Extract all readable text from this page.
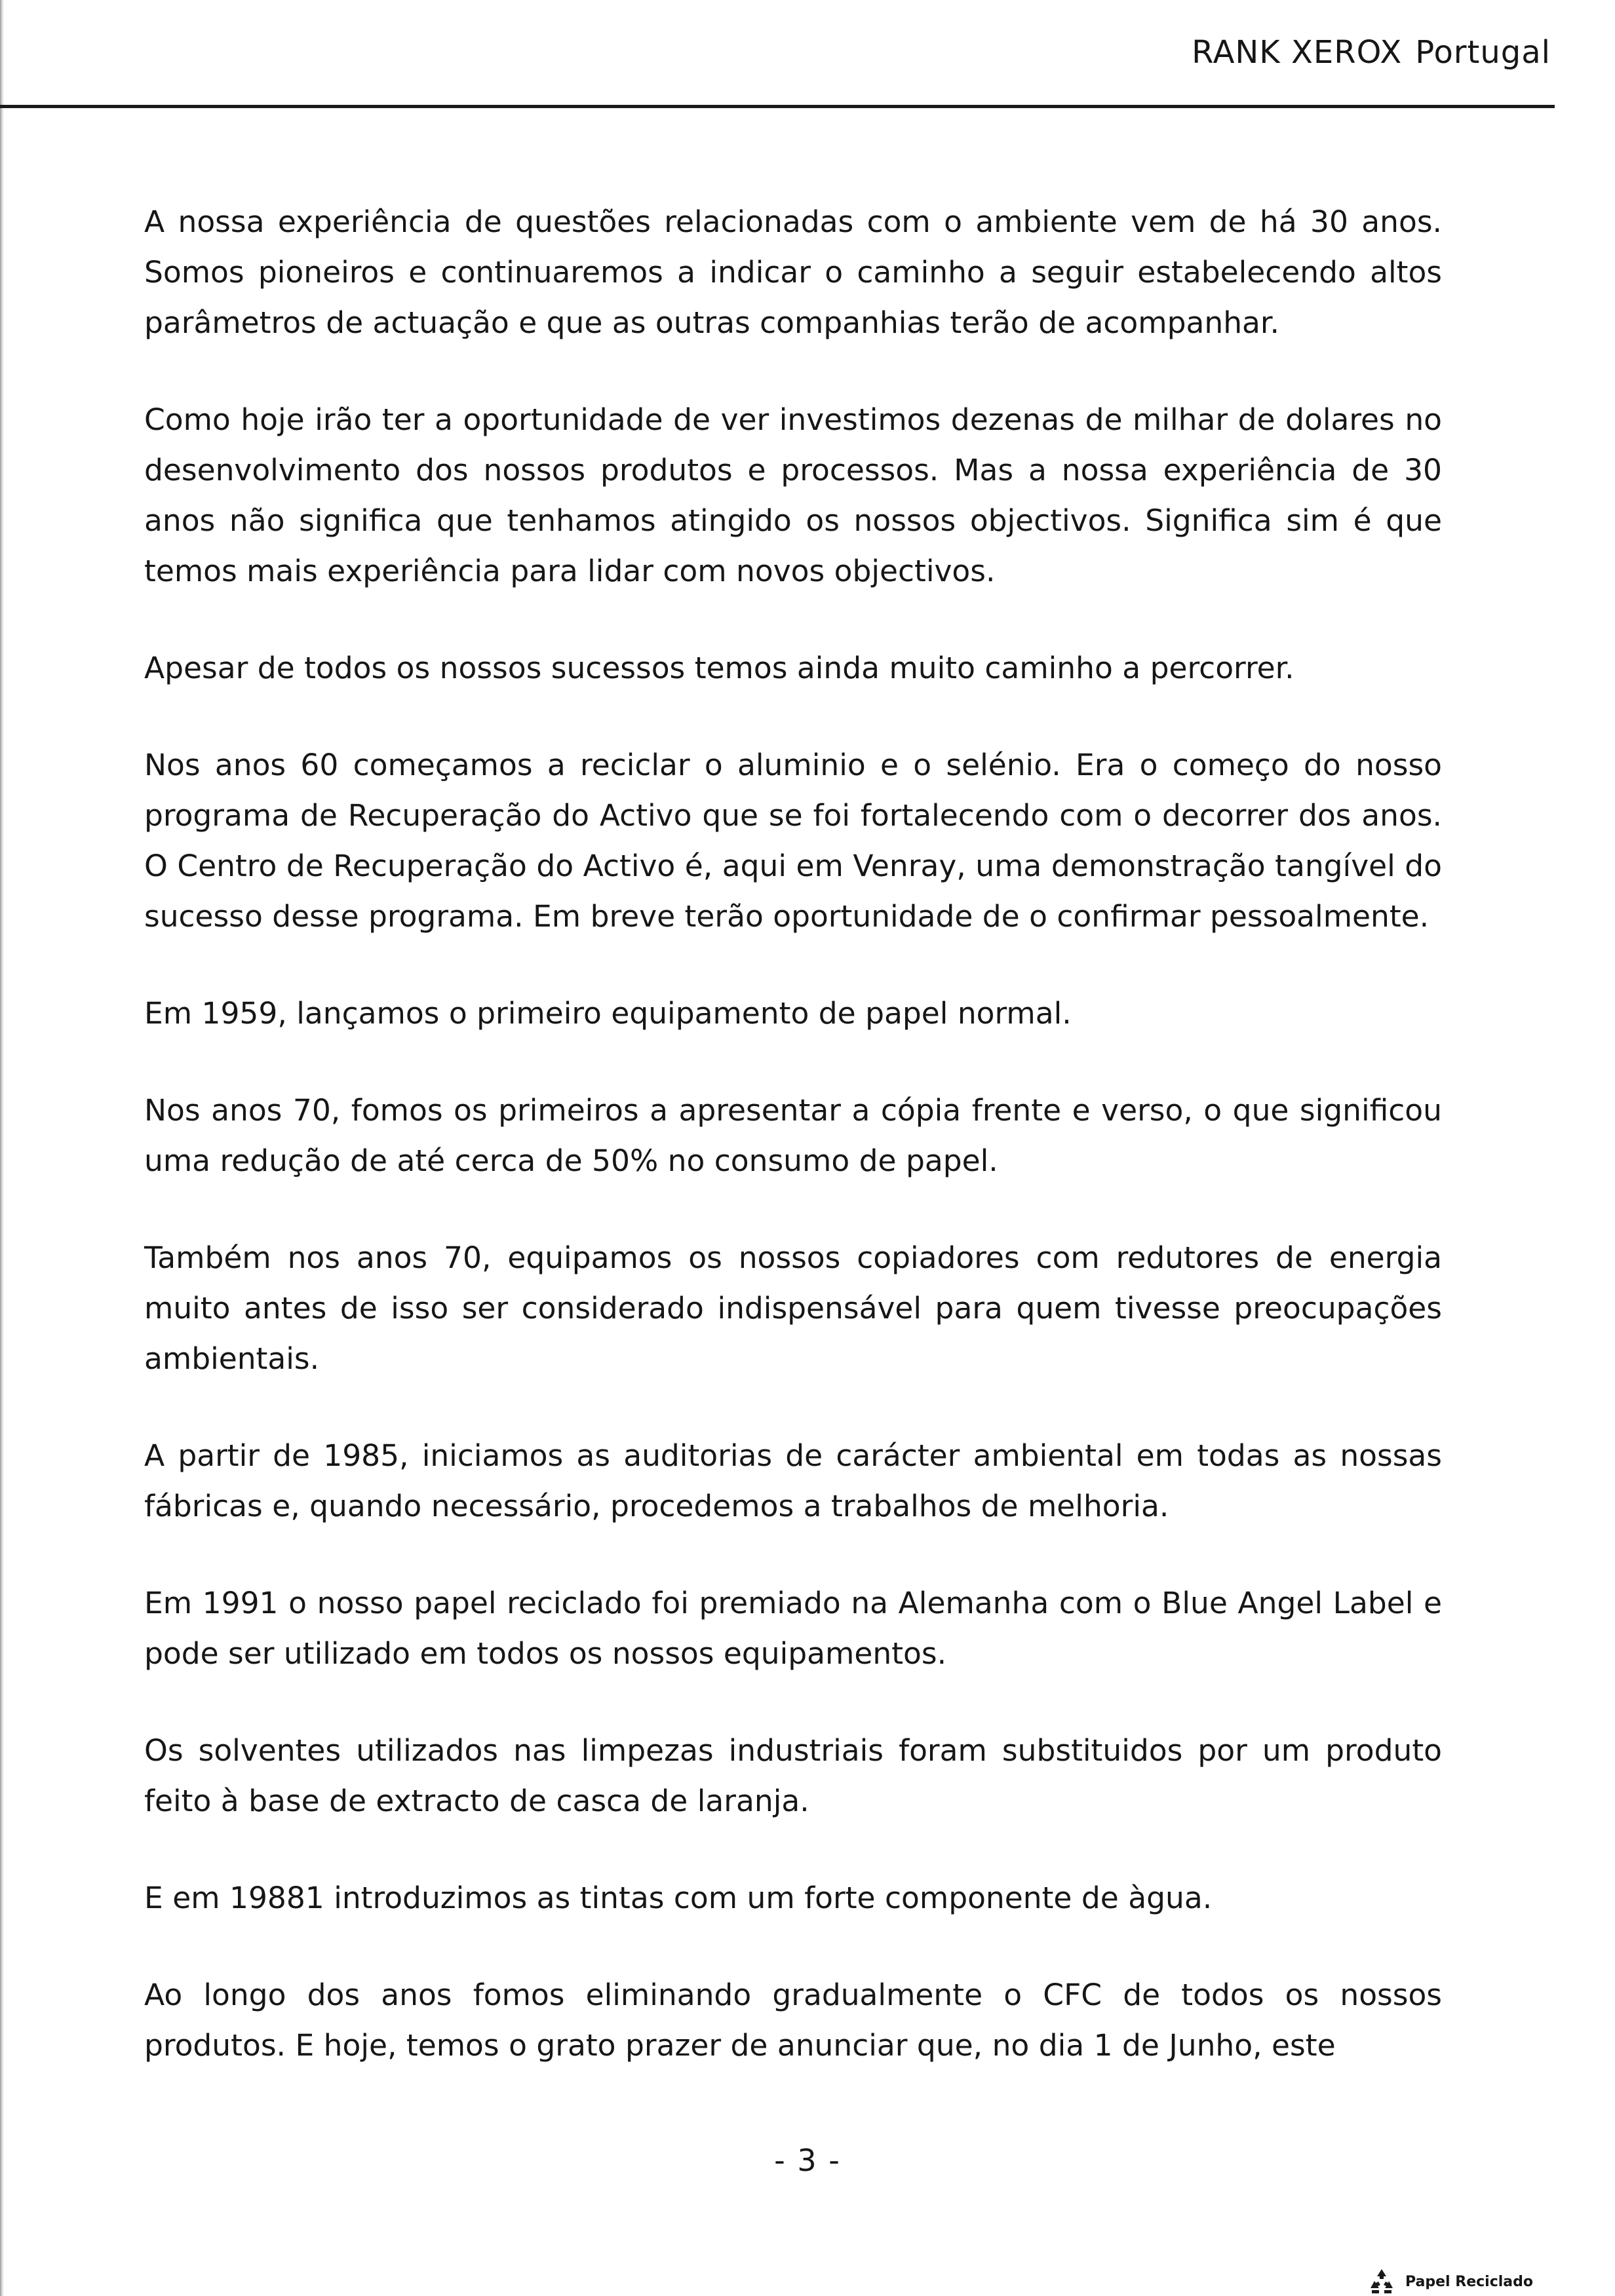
RANK XEROX Portugal

A nossa experiência de questões relacionadas com o ambiente vem de há 30 anos. Somos pioneiros e continuaremos a indicar o caminho a seguir estabelecendo altos parâmetros de actuação e que as outras companhias terão de acompanhar.

Como hoje irão ter a oportunidade de ver investimos dezenas de milhar de dolares no desenvolvimento dos nossos produtos e processos. Mas a nossa experiência de 30 anos não significa que tenhamos atingido os nossos objectivos. Significa sim é que temos mais experiência para lidar com novos objectivos.

Apesar de todos os nossos sucessos temos ainda muito caminho a percorrer.

Nos anos 60 começamos a reciclar o aluminio e o selénio. Era o começo do nosso programa de Recuperação do Activo que se foi fortalecendo com o decorrer dos anos. O Centro de Recuperação do Activo é, aqui em Venray, uma demonstração tangível do sucesso desse programa. Em breve terão oportunidade de o confirmar pessoalmente.

Em 1959, lançamos o primeiro equipamento de papel normal.

Nos anos 70, fomos os primeiros a apresentar a cópia frente e verso, o que significou uma redução de até cerca de 50% no consumo de papel.

Também nos anos 70, equipamos os nossos copiadores com redutores de energia muito antes de isso ser considerado indispensável para quem tivesse preocupações ambientais.

A partir de 1985, iniciamos as auditorias de carácter ambiental em todas as nossas fábricas e, quando necessário, procedemos a trabalhos de melhoria.

Em 1991 o nosso papel reciclado foi premiado na Alemanha com o Blue Angel Label e pode ser utilizado em todos os nossos equipamentos.

Os solventes utilizados nas limpezas industriais foram substituidos por um produto feito à base de extracto de casca de laranja.

E em 19881 introduzimos as tintas com um forte componente de àgua.

Ao longo dos anos fomos eliminando gradualmente o CFC de todos os nossos produtos. E hoje, temos o grato prazer de anunciar que, no dia 1 de Junho, este

- 3 -
Papel Reciclado
